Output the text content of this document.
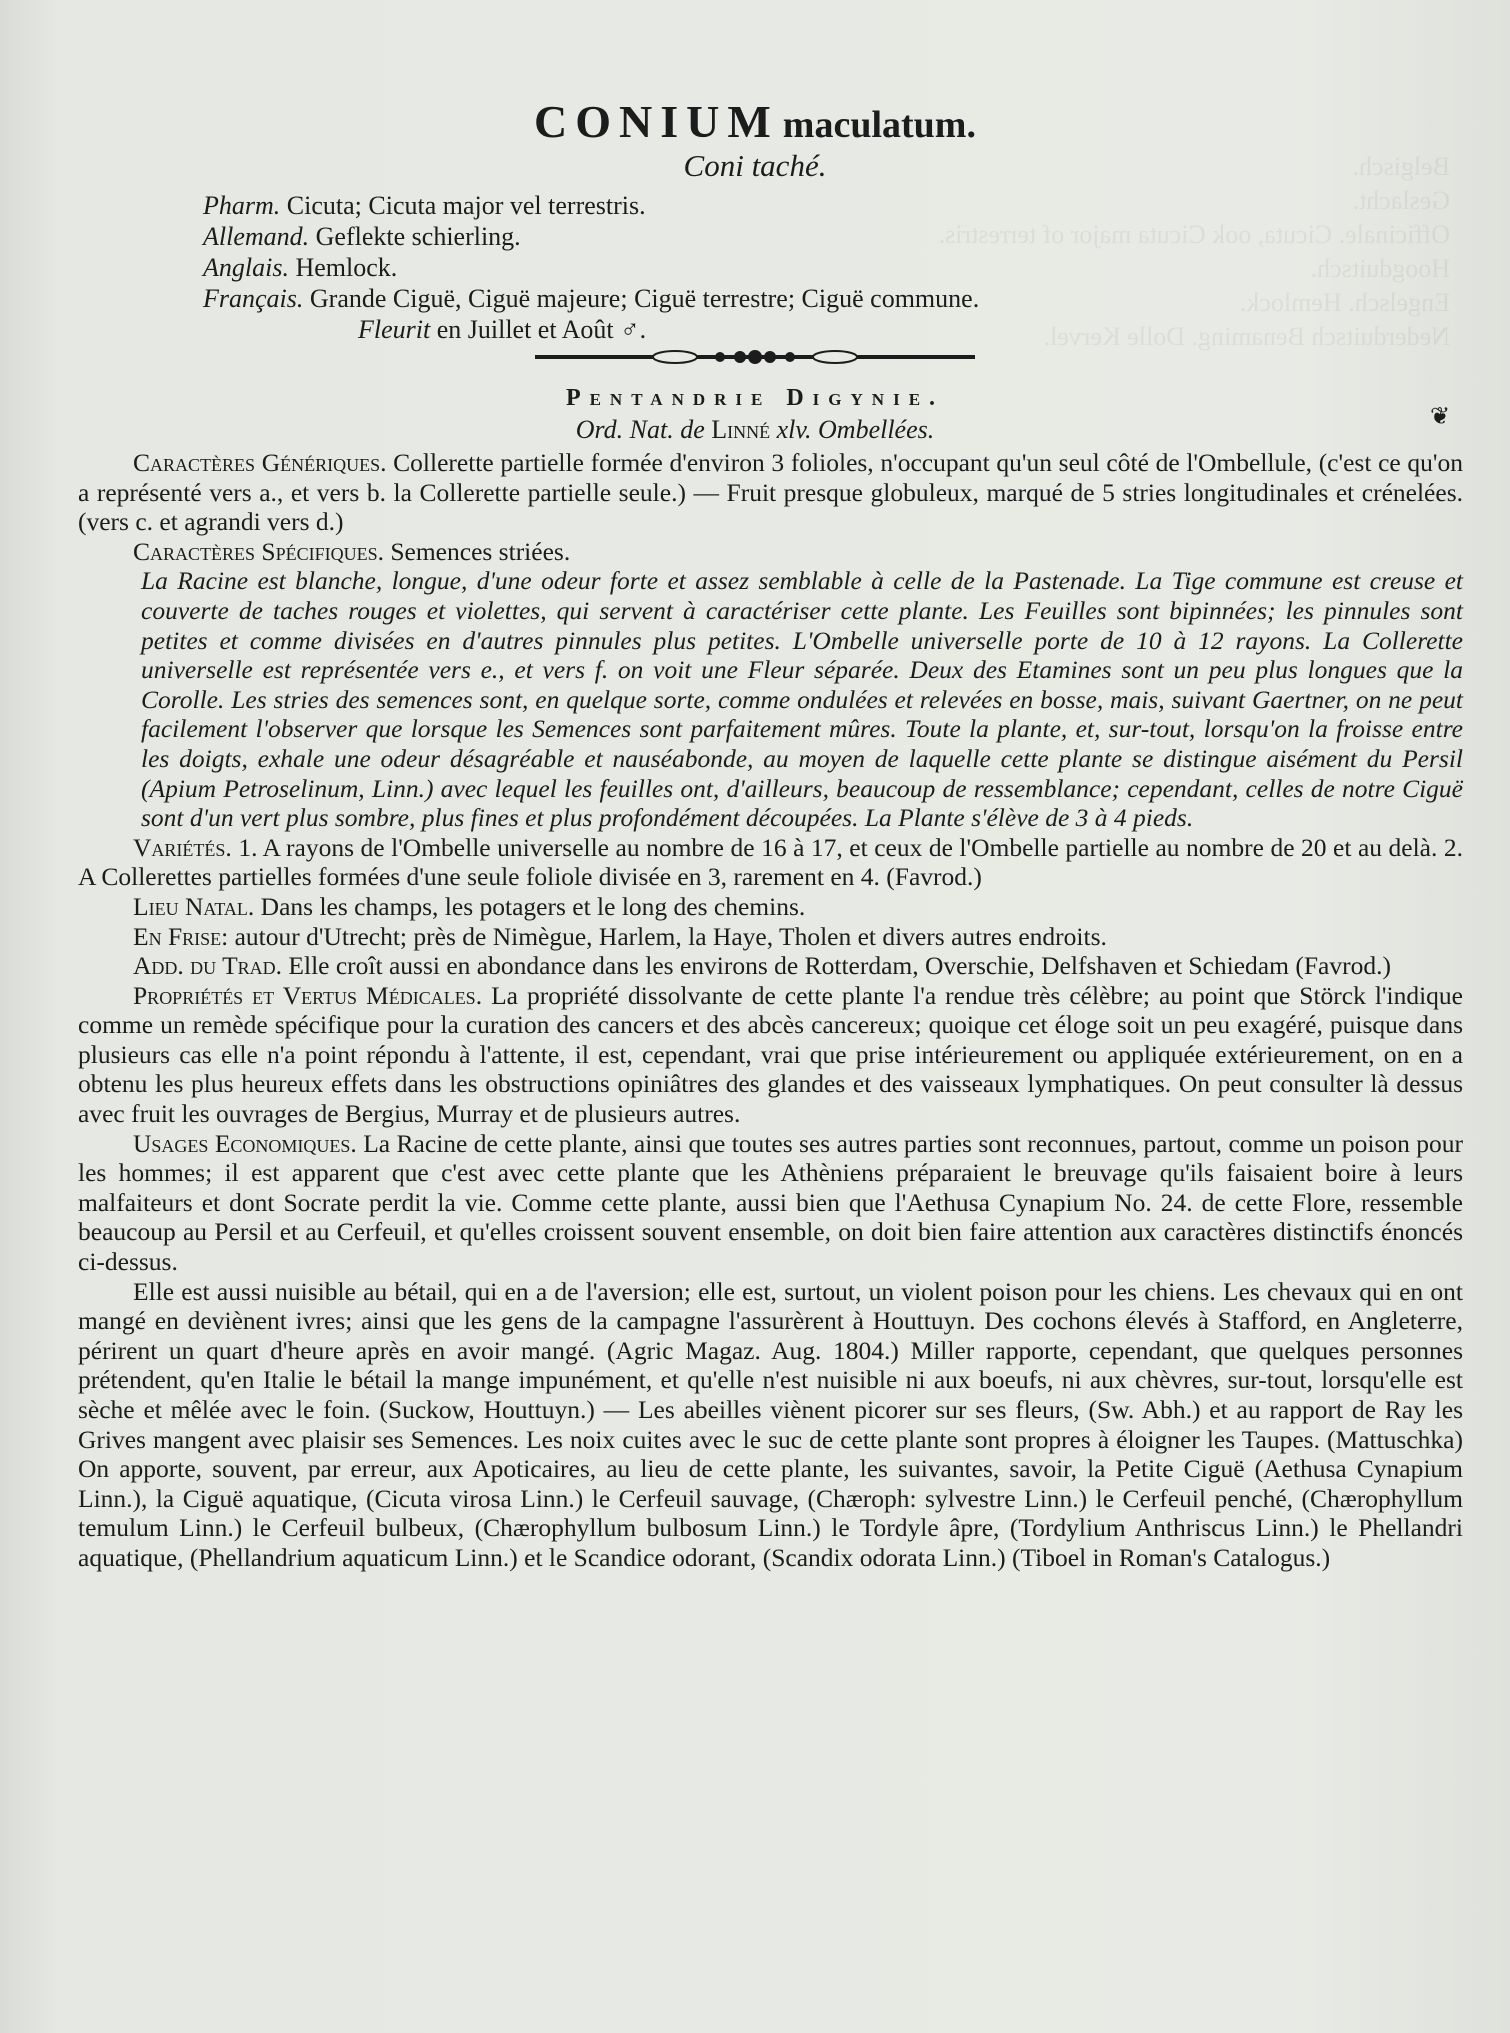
Belgisch.
Geslacht.
Officinale. Cicuta, ook Cicuta major of terrestris.
Hoogduitsch.
Engelsch. Hemlock.
Nederduitsch Benaming. Dolle Kervel.
CONIUM maculatum.
Coni taché.
Pharm. Cicuta; Cicuta major vel terrestris.
Allemand. Geflekte schierling.
Anglais. Hemlock.
Français. Grande Ciguë, Ciguë majeure; Ciguë terrestre; Ciguë commune.
Fleurit en Juillet et Août ♂.
Pentandrie Digynie.
Ord. Nat. de Linné xlv. Ombellées.	❦

Caractères Génériques. Collerette partielle formée d'environ 3 folioles, n'occupant qu'un seul côté de l'Ombellule, (c'est ce qu'on a représenté vers a., et vers b. la Collerette partielle seule.) — Fruit presque globuleux, marqué de 5 stries longitudinales et crénelées. (vers c. et agrandi vers d.)

Caractères Spécifiques. Semences striées.

La Racine est blanche, longue, d'une odeur forte et assez semblable à celle de la Pastenade. La Tige commune est creuse et couverte de taches rouges et violettes, qui servent à caractériser cette plante. Les Feuilles sont bipinnées; les pinnules sont petites et comme divisées en d'autres pinnules plus petites. L'Ombelle universelle porte de 10 à 12 rayons. La Collerette universelle est représentée vers e., et vers f. on voit une Fleur séparée. Deux des Etamines sont un peu plus longues que la Corolle. Les stries des semences sont, en quelque sorte, comme ondulées et relevées en bosse, mais, suivant Gaertner, on ne peut facilement l'observer que lorsque les Semences sont parfaitement mûres. Toute la plante, et, sur-tout, lorsqu'on la froisse entre les doigts, exhale une odeur désagréable et nauséabonde, au moyen de laquelle cette plante se distingue aisément du Persil (Apium Petroselinum, Linn.) avec lequel les feuilles ont, d'ailleurs, beaucoup de ressemblance; cependant, celles de notre Ciguë sont d'un vert plus sombre, plus fines et plus profondément découpées. La Plante s'élève de 3 à 4 pieds.

Variétés. 1. A rayons de l'Ombelle universelle au nombre de 16 à 17, et ceux de l'Ombelle partielle au nombre de 20 et au delà. 2. A Collerettes partielles formées d'une seule foliole divisée en 3, rarement en 4. (Favrod.)

Lieu Natal. Dans les champs, les potagers et le long des chemins.

En Frise: autour d'Utrecht; près de Nimègue, Harlem, la Haye, Tholen et divers autres endroits.

Add. du Trad. Elle croît aussi en abondance dans les environs de Rotterdam, Overschie, Delfshaven et Schiedam (Favrod.)

Propriétés et Vertus Médicales. La propriété dissolvante de cette plante l'a rendue très célèbre; au point que Störck l'indique comme un remède spécifique pour la curation des cancers et des abcès cancereux; quoique cet éloge soit un peu exagéré, puisque dans plusieurs cas elle n'a point répondu à l'attente, il est, cependant, vrai que prise intérieurement ou appliquée extérieurement, on en a obtenu les plus heureux effets dans les obstructions opiniâtres des glandes et des vaisseaux lymphatiques. On peut consulter là dessus avec fruit les ouvrages de Bergius, Murray et de plusieurs autres.

Usages Economiques. La Racine de cette plante, ainsi que toutes ses autres parties sont reconnues, partout, comme un poison pour les hommes; il est apparent que c'est avec cette plante que les Athèniens préparaient le breuvage qu'ils faisaient boire à leurs malfaiteurs et dont Socrate perdit la vie. Comme cette plante, aussi bien que l'Aethusa Cynapium No. 24. de cette Flore, ressemble beaucoup au Persil et au Cerfeuil, et qu'elles croissent souvent ensemble, on doit bien faire attention aux caractères distinctifs énoncés ci-dessus.

Elle est aussi nuisible au bétail, qui en a de l'aversion; elle est, surtout, un violent poison pour les chiens. Les chevaux qui en ont mangé en deviènent ivres; ainsi que les gens de la campagne l'assurèrent à Houttuyn. Des cochons élevés à Stafford, en Angleterre, périrent un quart d'heure après en avoir mangé. (Agric Magaz. Aug. 1804.) Miller rapporte, cependant, que quelques personnes prétendent, qu'en Italie le bétail la mange impunément, et qu'elle n'est nuisible ni aux boeufs, ni aux chèvres, sur-tout, lorsqu'elle est sèche et mêlée avec le foin. (Suckow, Houttuyn.) — Les abeilles viènent picorer sur ses fleurs, (Sw. Abh.) et au rapport de Ray les Grives mangent avec plaisir ses Semences. Les noix cuites avec le suc de cette plante sont propres à éloigner les Taupes. (Mattuschka) On apporte, souvent, par erreur, aux Apoticaires, au lieu de cette plante, les suivantes, savoir, la Petite Ciguë (Aethusa Cynapium Linn.), la Ciguë aquatique, (Cicuta virosa Linn.) le Cerfeuil sauvage, (Chæroph: sylvestre Linn.) le Cerfeuil penché, (Chærophyllum temulum Linn.) le Cerfeuil bulbeux, (Chærophyllum bulbosum Linn.) le Tordyle âpre, (Tordylium Anthriscus Linn.) le Phellandri aquatique, (Phellandrium aquaticum Linn.) et le Scandice odorant, (Scandix odorata Linn.) (Tiboel in Roman's Catalogus.)
